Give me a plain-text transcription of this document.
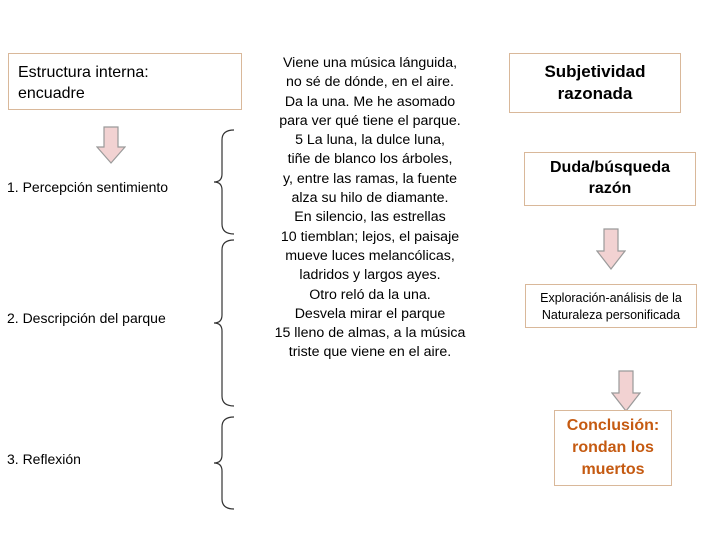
Estructura interna:
encuadre
1. Percepción sentimiento
2. Descripción del parque
3. Reflexión
Viene una música lánguida,
no sé de dónde, en el aire.
Da la una. Me he asomado
para ver qué tiene el parque.
5 La luna, la dulce luna,
tiñe de blanco los árboles,
y, entre las ramas, la fuente
alza su hilo de diamante.
En silencio, las estrellas
10 tiemblan; lejos, el paisaje
mueve luces melancólicas,
ladridos y largos ayes.
Otro reló da la una.
Desvela mirar el parque
15 lleno de almas, a la música
triste que viene en el aire.
Subjetividad
razonada
Duda/búsqueda
razón
Exploración-análisis de la
Naturaleza personificada
Conclusión:
rondan los
muertos
